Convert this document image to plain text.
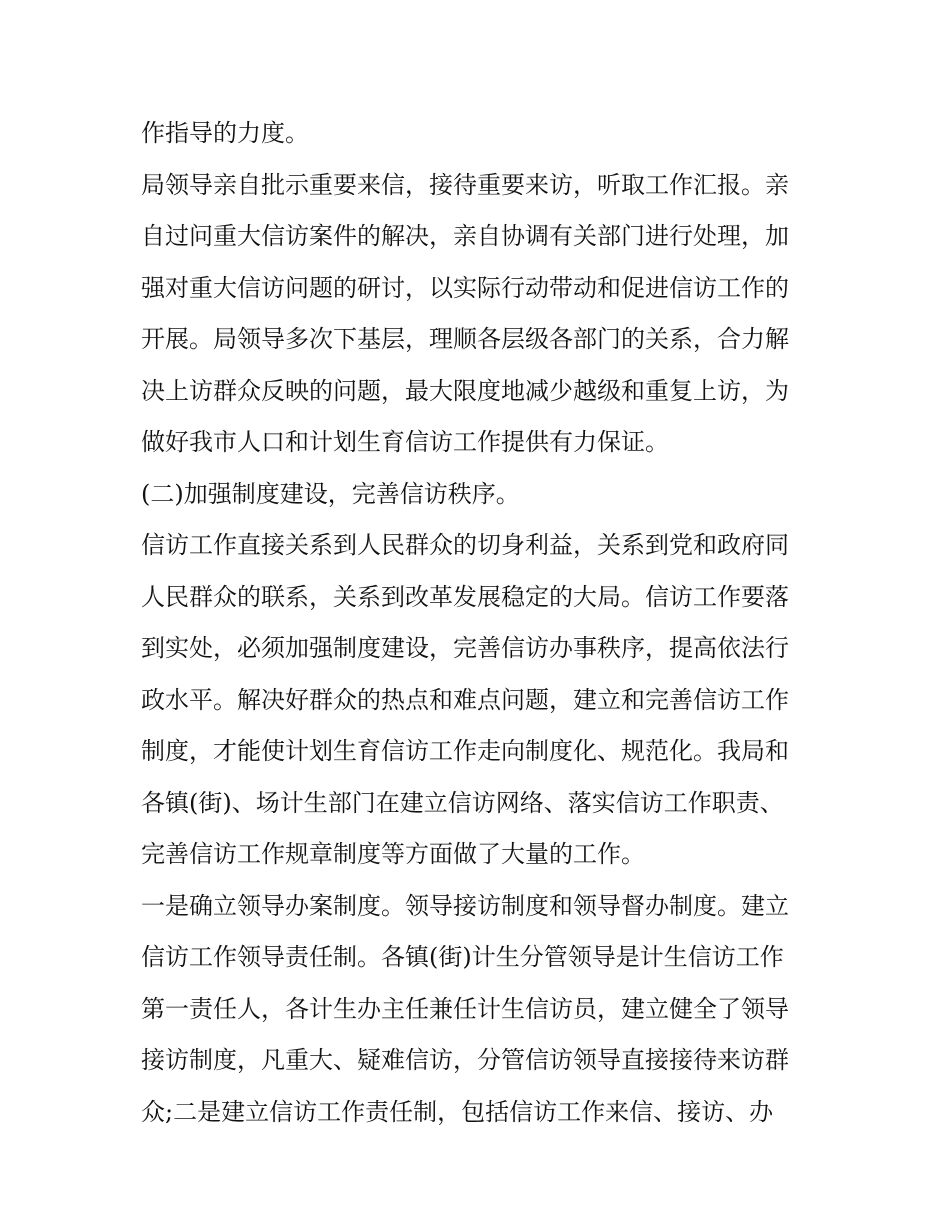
作指导的力度。
局领导亲自批示重要来信，接待重要来访，听取工作汇报。亲
自过问重大信访案件的解决，亲自协调有关部门进行处理，加
强对重大信访问题的研讨，以实际行动带动和促进信访工作的
开展。局领导多次下基层，理顺各层级各部门的关系，合力解
决上访群众反映的问题，最大限度地减少越级和重复上访，为
做好我市人口和计划生育信访工作提供有力保证。
(二)加强制度建设，完善信访秩序。
信访工作直接关系到人民群众的切身利益，关系到党和政府同
人民群众的联系，关系到改革发展稳定的大局。信访工作要落
到实处，必须加强制度建设，完善信访办事秩序，提高依法行
政水平。解决好群众的热点和难点问题，建立和完善信访工作
制度，才能使计划生育信访工作走向制度化、规范化。我局和
各镇(街)、场计生部门在建立信访网络、落实信访工作职责、
完善信访工作规章制度等方面做了大量的工作。
一是确立领导办案制度。领导接访制度和领导督办制度。建立
信访工作领导责任制。各镇(街)计生分管领导是计生信访工作
第一责任人，各计生办主任兼任计生信访员，建立健全了领导
接访制度，凡重大、疑难信访，分管信访领导直接接待来访群
众;二是建立信访工作责任制，包括信访工作来信、接访、办
